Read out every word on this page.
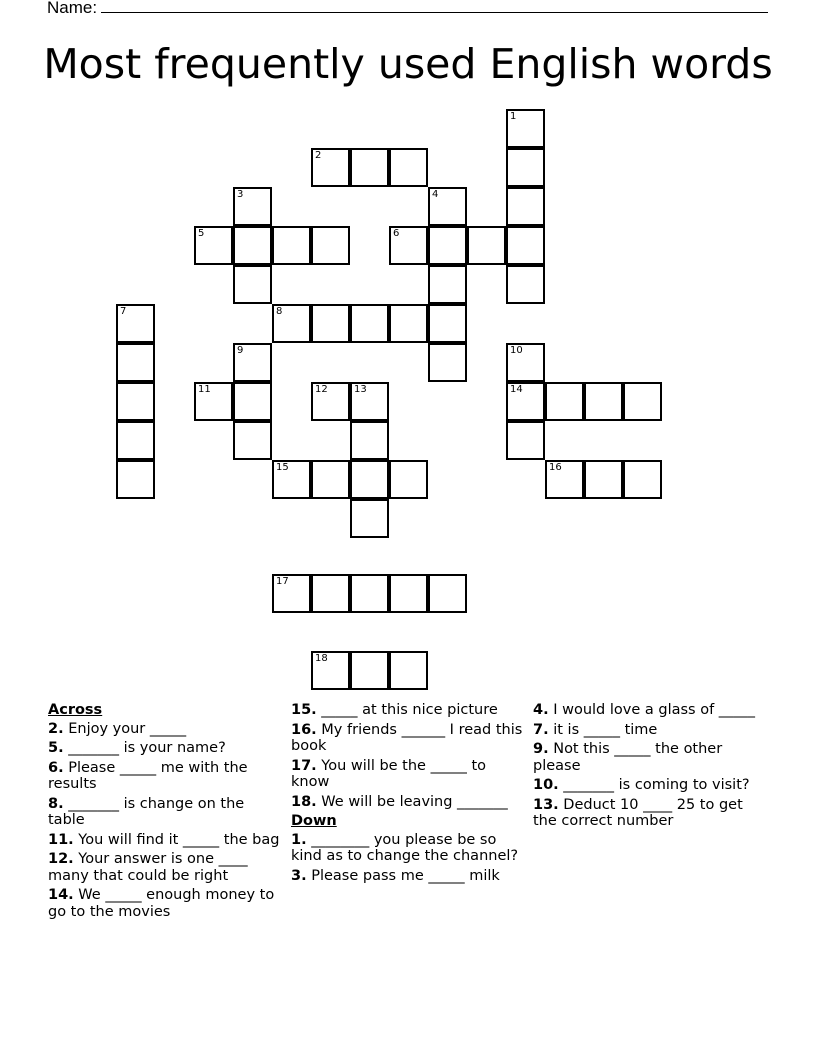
Name:
Most frequently used English words
1
2
3	4
5	6
7	8
9	10
14
11	12	13
15	16
17
18
Across
2. Enjoy your _____
5. _______ is your name?
6. Please _____ me with the results
8. _______ is change on the table
11. You will find it _____ the bag
12. Your answer is one ____ many that could be right
14. We _____ enough money to go to the movies
15. _____ at this nice picture
16. My friends ______ I read this book
17. You will be the _____ to know
18. We will be leaving _______
Down
1. ________ you please be so kind as to change the channel?
3. Please pass me _____ milk
4. I would love a glass of _____
7. it is _____ time
9. Not this _____ the other please
10. _______ is coming to visit?
13. Deduct 10 ____ 25 to get the correct number
